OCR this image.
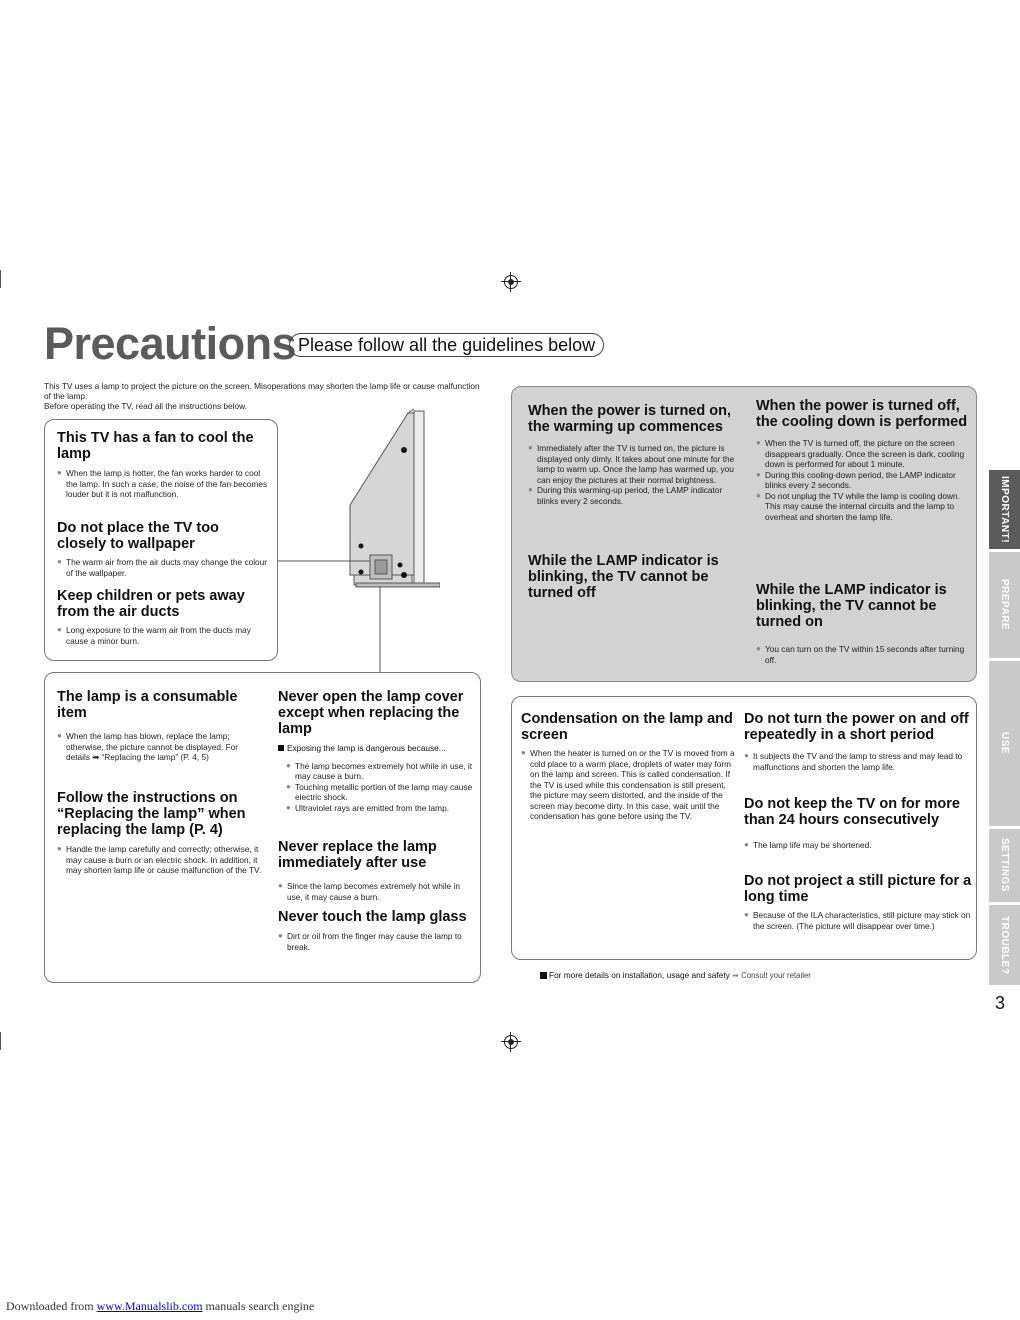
Precautions Please follow all the guidelines below
This TV uses a lamp to project the picture on the screen. Misoperations may shorten the lamp life or cause malfunction of the lamp.
Before operating the TV, read all the instructions below.
This TV has a fan to cool the lamp
● When the lamp is hotter, the fan works harder to cool the lamp. In such a case, the noise of the fan becomes louder but it is not malfunction.
Do not place the TV too closely to wallpaper
● The warm air from the air ducts may change the colour of the wallpaper.
Keep children or pets away from the air ducts
● Long exposure to the warm air from the ducts may cause a minor burn.
When the power is turned on, the warming up commences
● Immediately after the TV is turned on, the picture is displayed only dimly. It takes about one minute for the lamp to warm up. Once the lamp has warmed up, you can enjoy the pictures at their normal brightness.
● During this warming-up period, the LAMP indicator blinks every 2 seconds.
While the LAMP indicator is blinking, the TV cannot be turned off
When the power is turned off, the cooling down is performed
● When the TV is turned off, the picture on the screen disappears gradually. Once the screen is dark, cooling down is performed for about 1 minute.
● During this cooling-down period, the LAMP indicator blinks every 2 seconds.
● Do not unplug the TV while the lamp is cooling down. This may cause the internal circuits and the lamp to overheat and shorten the lamp life.
While the LAMP indicator is blinking, the TV cannot be turned on
● You can turn on the TV within 15 seconds after turning off.
The lamp is a consumable item
● When the lamp has blown, replace the lamp; otherwise, the picture cannot be displayed. For details ➡ “Replacing the lamp” (P. 4, 5)
Follow the instructions on “Replacing the lamp” when replacing the lamp (P. 4)
● Handle the lamp carefully and correctly; otherwise, it may cause a burn or an electric shock. In addition, it may shorten lamp life or cause malfunction of the TV.
Never open the lamp cover except when replacing the lamp
Exposing the lamp is dangerous because...
● The lamp becomes extremely hot while in use, it may cause a burn.
● Touching metallic portion of the lamp may cause electric shock.
● Ultraviolet rays are emitted from the lamp.
Never replace the lamp immediately after use
● Since the lamp becomes extremely hot while in use, it may cause a burn.
Never touch the lamp glass
● Dirt or oil from the finger may cause the lamp to break.
Condensation on the lamp and screen
● When the heater is turned on or the TV is moved from a cold place to a warm place, droplets of water may form on the lamp and screen. This is called condensation. If the TV is used while this condensation is still present, the picture may seem distorted, and the inside of the screen may become dirty. In this case, wait until the condensation has gone before using the TV.
Do not turn the power on and off repeatedly in a short period
● It subjects the TV and the lamp to stress and may lead to malfunctions and shorten the lamp life.
Do not keep the TV on for more than 24 hours consecutively
● The lamp life may be shortened.
Do not project a still picture for a long time
● Because of the ILA characteristics, still picture may stick on the screen. (The picture will disappear over time.)
For more details on installation, usage and safety ➡ Consult your retailer
IMPORTANT!
PREPARE
USE
SETTINGS
TROUBLE?
3
Downloaded from www.Manualslib.com manuals search engine
